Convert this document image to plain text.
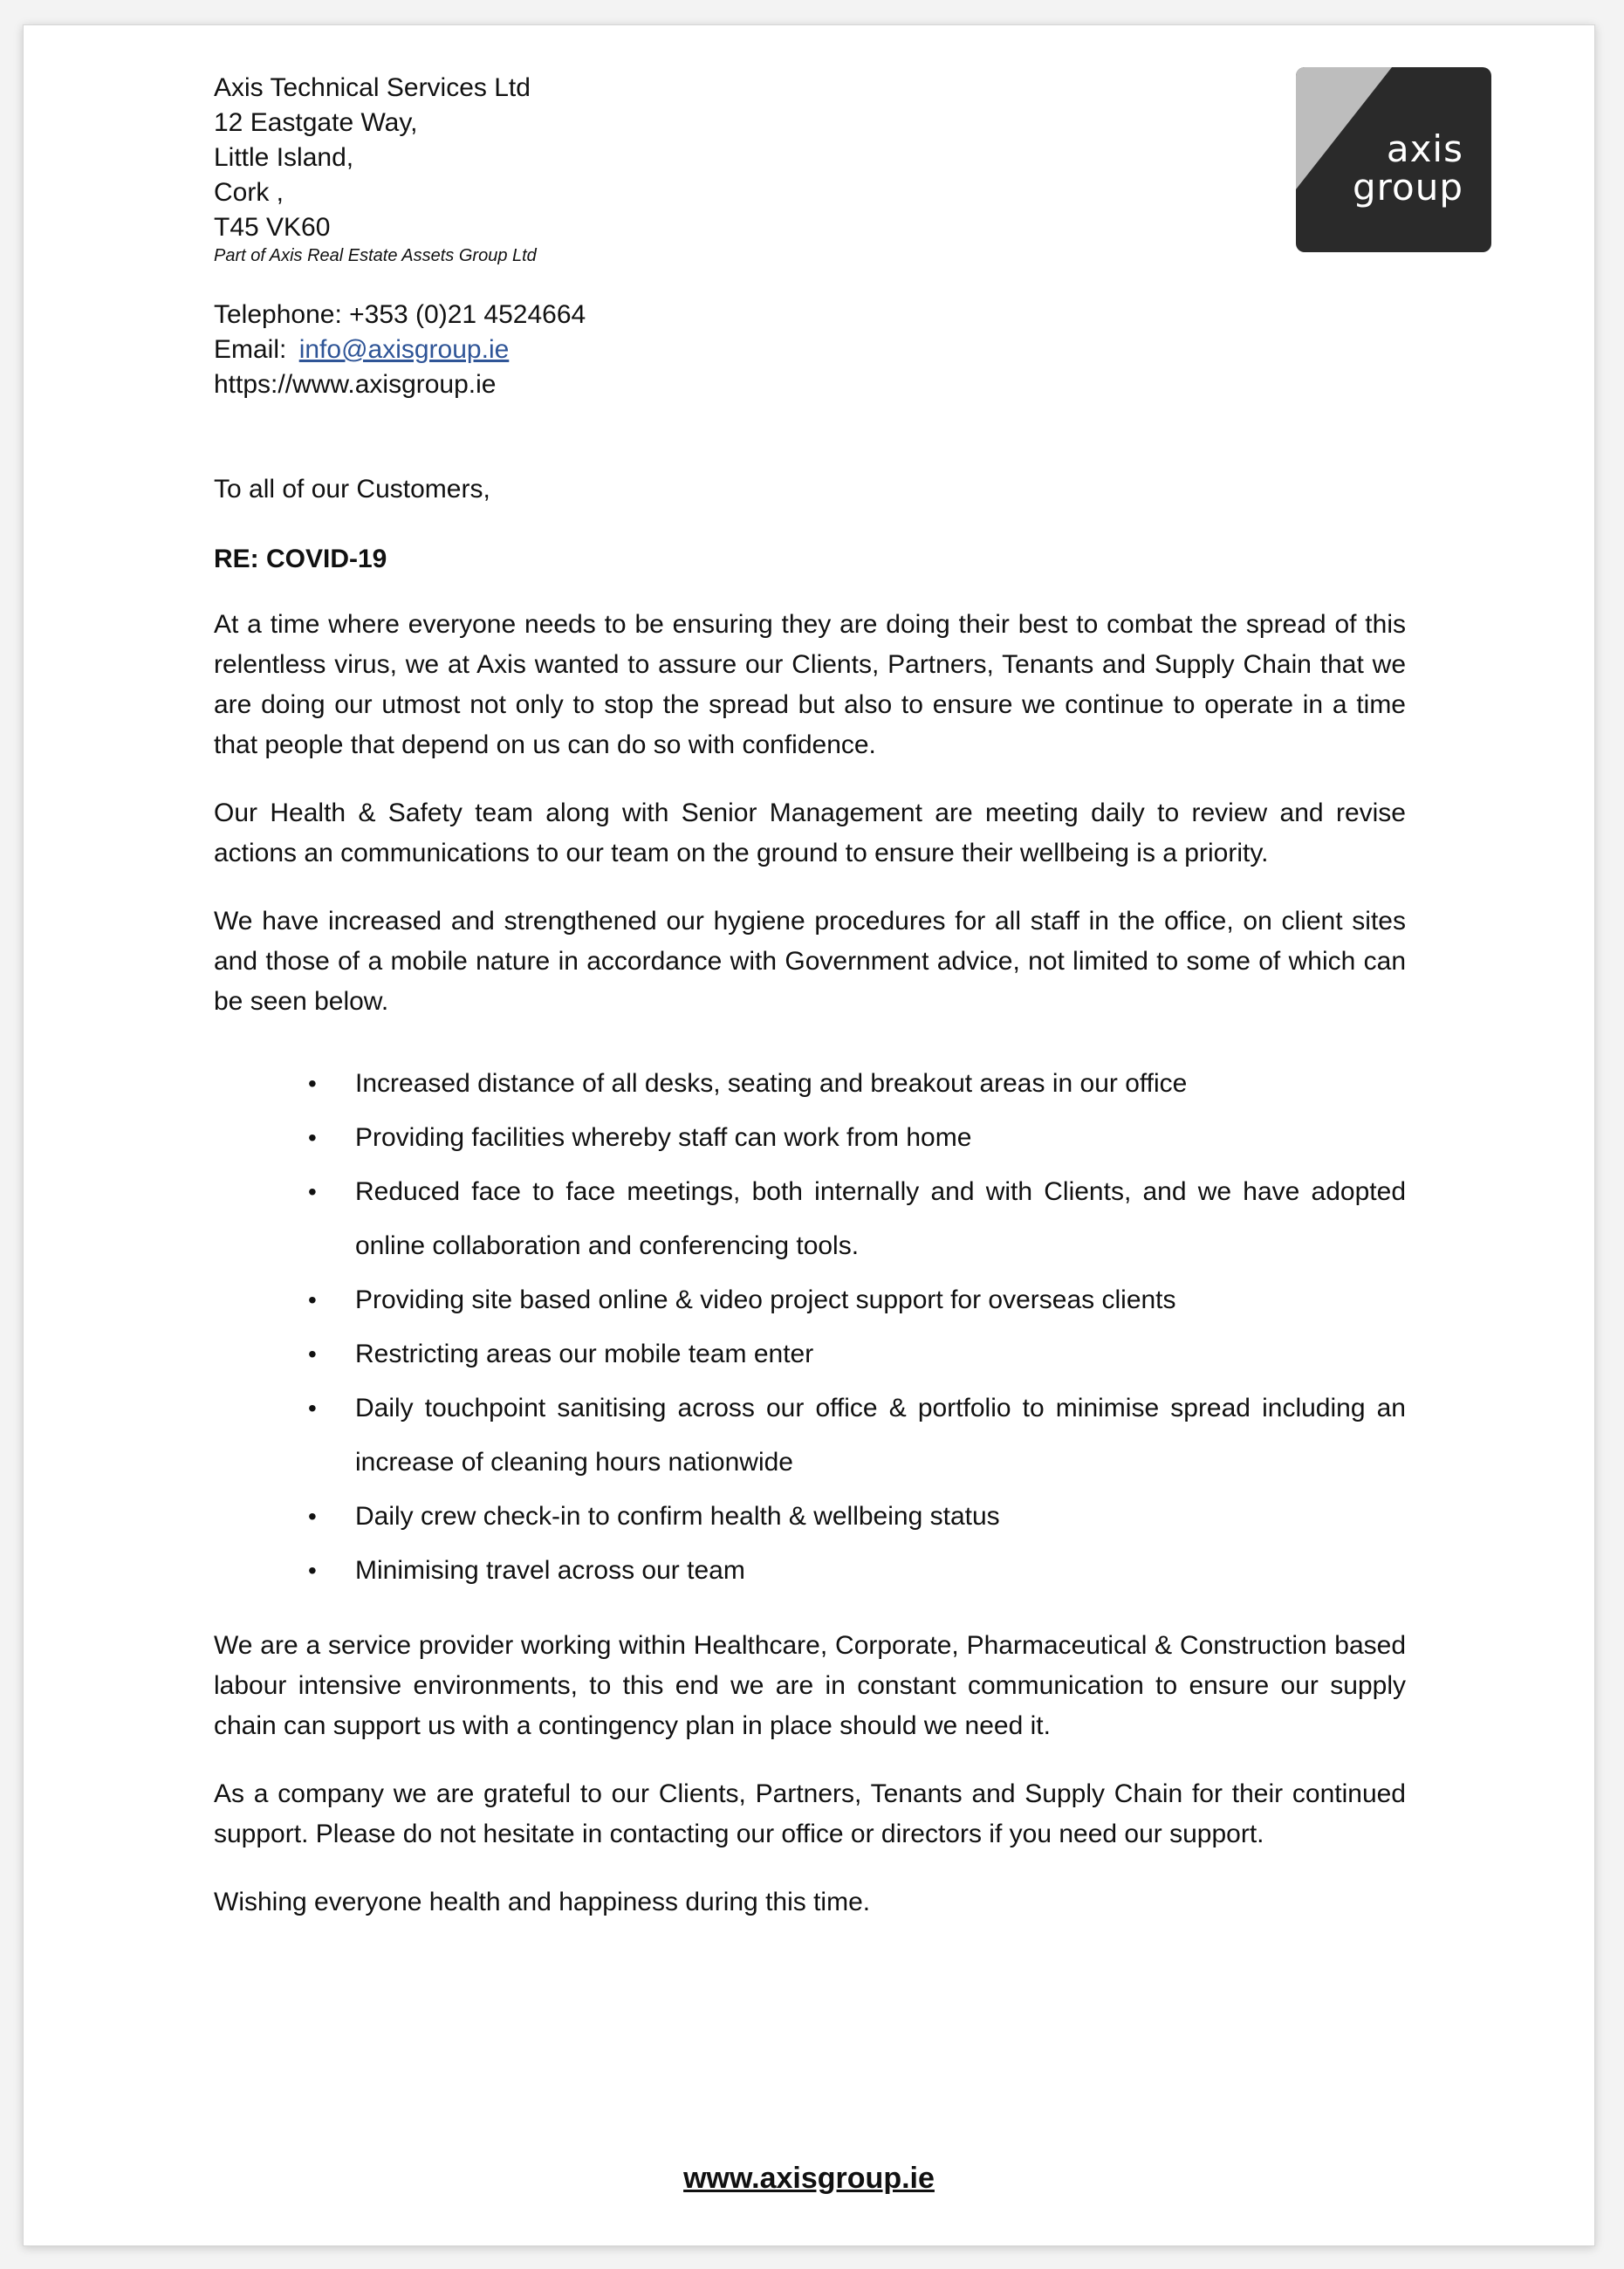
axis
group
Axis Technical Services Ltd
12 Eastgate Way,
Little Island,
Cork ,
T45 VK60
Part of Axis Real Estate Assets Group Ltd
Telephone: +353 (0)21 4524664
Email: info@axisgroup.ie
https://www.axisgroup.ie
To all of our Customers,
RE: COVID-19

At a time where everyone needs to be ensuring they are doing their best to combat the spread of this relentless virus, we at Axis wanted to assure our Clients, Partners, Tenants and Supply Chain that we are doing our utmost not only to stop the spread but also to ensure we continue to operate in a time that people that depend on us can do so with confidence.

Our Health & Safety team along with Senior Management are meeting daily to review and revise actions an communications to our team on the ground to ensure their wellbeing is a priority.

We have increased and strengthened our hygiene procedures for all staff in the office, on client sites and those of a mobile nature in accordance with Government advice, not limited to some of which can be seen below.

• Increased distance of all desks, seating and breakout areas in our office
• Providing facilities whereby staff can work from home
• Reduced face to face meetings, both internally and with Clients, and we have adopted online collaboration and conferencing tools.
• Providing site based online & video project support for overseas clients
• Restricting areas our mobile team enter
• Daily touchpoint sanitising across our office & portfolio to minimise spread including an increase of cleaning hours nationwide
• Daily crew check-in to confirm health & wellbeing status
• Minimising travel across our team

We are a service provider working within Healthcare, Corporate, Pharmaceutical & Construction based labour intensive environments, to this end we are in constant communication to ensure our supply chain can support us with a contingency plan in place should we need it.

As a company we are grateful to our Clients, Partners, Tenants and Supply Chain for their continued support. Please do not hesitate in contacting our office or directors if you need our support.

Wishing everyone health and happiness during this time.

www.axisgroup.ie
